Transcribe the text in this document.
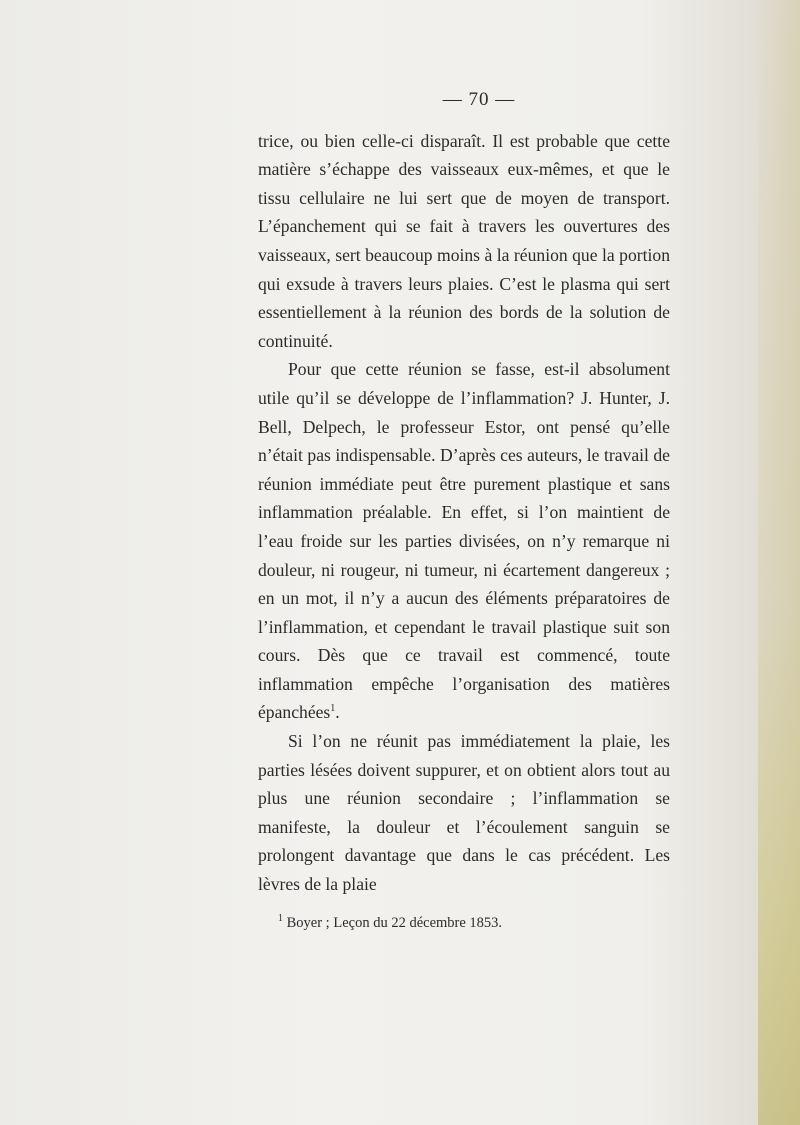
— 70 —

trice, ou bien celle-ci disparaît. Il est probable que cette matière s’échappe des vaisseaux eux-mêmes, et que le tissu cellulaire ne lui sert que de moyen de transport. L’épanchement qui se fait à travers les ouvertures des vaisseaux, sert beaucoup moins à la réunion que la portion qui exsude à travers leurs plaies. C’est le plasma qui sert essentiellement à la réunion des bords de la solution de continuité.

Pour que cette réunion se fasse, est-il absolument utile qu’il se développe de l’inflammation? J. Hunter, J. Bell, Delpech, le professeur Estor, ont pensé qu’elle n’était pas indispensable. D’après ces auteurs, le travail de réunion immédiate peut être purement plastique et sans inflammation préalable. En effet, si l’on maintient de l’eau froide sur les parties divisées, on n’y remarque ni douleur, ni rougeur, ni tumeur, ni écartement dangereux ; en un mot, il n’y a aucun des éléments préparatoires de l’inflammation, et cependant le travail plastique suit son cours. Dès que ce travail est commencé, toute inflammation empêche l’organisation des matières épanchées$^1$.

Si l’on ne réunit pas immédiatement la plaie, les parties lésées doivent suppurer, et on obtient alors tout au plus une réunion secondaire ; l’inflammation se manifeste, la douleur et l’écoulement sanguin se prolongent davantage que dans le cas précédent. Les lèvres de la plaie

$^1$ Boyer ; Leçon du 22 décembre 1853.
